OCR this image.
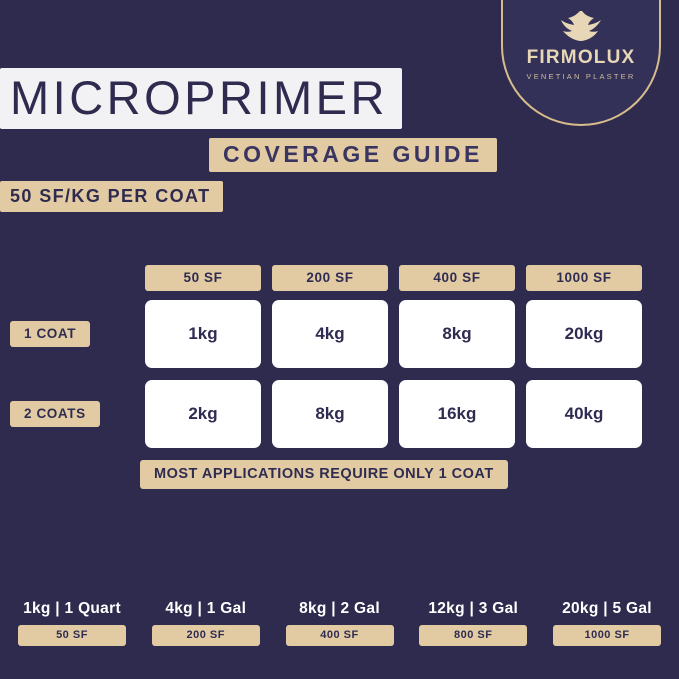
FIRMOLUX
VENETIAN PLASTER
MICROPRIMER
COVERAGE GUIDE
50 SF/KG PER COAT
50 SF	200 SF	400 SF	1000 SF
1 COAT	1kg	4kg	8kg	20kg
2 COATS	2kg	8kg	16kg	40kg
MOST APPLICATIONS REQUIRE ONLY 1 COAT
1kg | 1 Quart
50 SF
4kg | 1 Gal
200 SF
8kg | 2 Gal
400 SF
12kg | 3 Gal
800 SF
20kg | 5 Gal
1000 SF
